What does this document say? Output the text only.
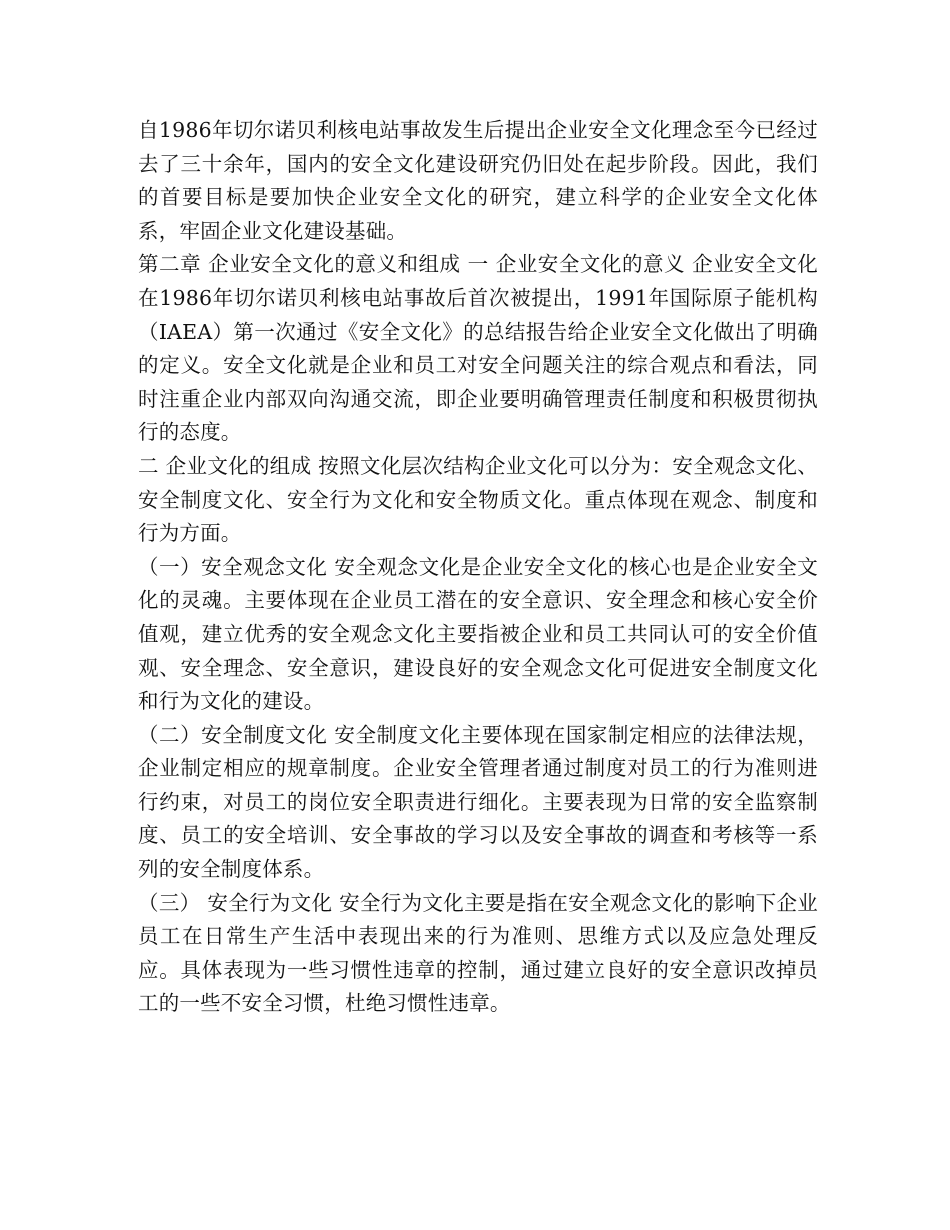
自1986年切尔诺贝利核电站事故发生后提出企业安全文化理念至今已经过去了三十余年，国内的安全文化建设研究仍旧处在起步阶段。因此，我们的首要目标是要加快企业安全文化的研究，建立科学的企业安全文化体系，牢固企业文化建设基础。

第二章 企业安全文化的意义和组成 一 企业安全文化的意义 企业安全文化在1986年切尔诺贝利核电站事故后首次被提出，1991年国际原子能机构（IAEA）第一次通过《安全文化》的总结报告给企业安全文化做出了明确的定义。安全文化就是企业和员工对安全问题关注的综合观点和看法，同时注重企业内部双向沟通交流，即企业要明确管理责任制度和积极贯彻执行的态度。

二 企业文化的组成 按照文化层次结构企业文化可以分为：安全观念文化、安全制度文化、安全行为文化和安全物质文化。重点体现在观念、制度和行为方面。

（一）安全观念文化 安全观念文化是企业安全文化的核心也是企业安全文化的灵魂。主要体现在企业员工潜在的安全意识、安全理念和核心安全价值观，建立优秀的安全观念文化主要指被企业和员工共同认可的安全价值观、安全理念、安全意识，建设良好的安全观念文化可促进安全制度文化和行为文化的建设。

（二）安全制度文化 安全制度文化主要体现在国家制定相应的法律法规，企业制定相应的规章制度。企业安全管理者通过制度对员工的行为准则进行约束，对员工的岗位安全职责进行细化。主要表现为日常的安全监察制度、员工的安全培训、安全事故的学习以及安全事故的调查和考核等一系列的安全制度体系。

（三） 安全行为文化 安全行为文化主要是指在安全观念文化的影响下企业员工在日常生产生活中表现出来的行为准则、思维方式以及应急处理反应。具体表现为一些习惯性违章的控制，通过建立良好的安全意识改掉员工的一些不安全习惯，杜绝习惯性违章。
